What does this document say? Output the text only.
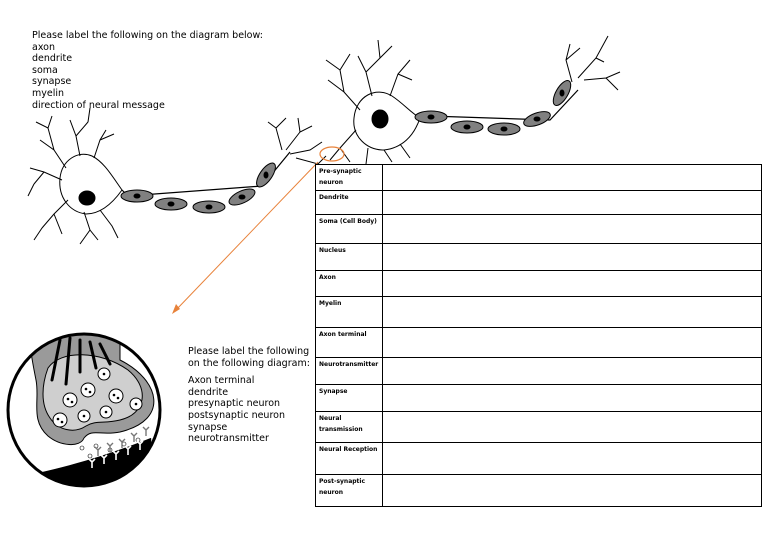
Please label the following on the diagram below:
axon
dendrite
soma
synapse
myelin
direction of neural message
Please label the following
on the following diagram:
Axon terminal
dendrite
presynaptic neuron
postsynaptic neuron
synapse
neurotransmitter
Pre-synaptic neuron	
Dendrite	
Soma (Cell Body)	
Nucleus	
Axon	
Myelin	
Axon terminal	
Neurotransmitter	
Synapse	
Neural transmission	
Neural Reception	
Post-synaptic neuron	
